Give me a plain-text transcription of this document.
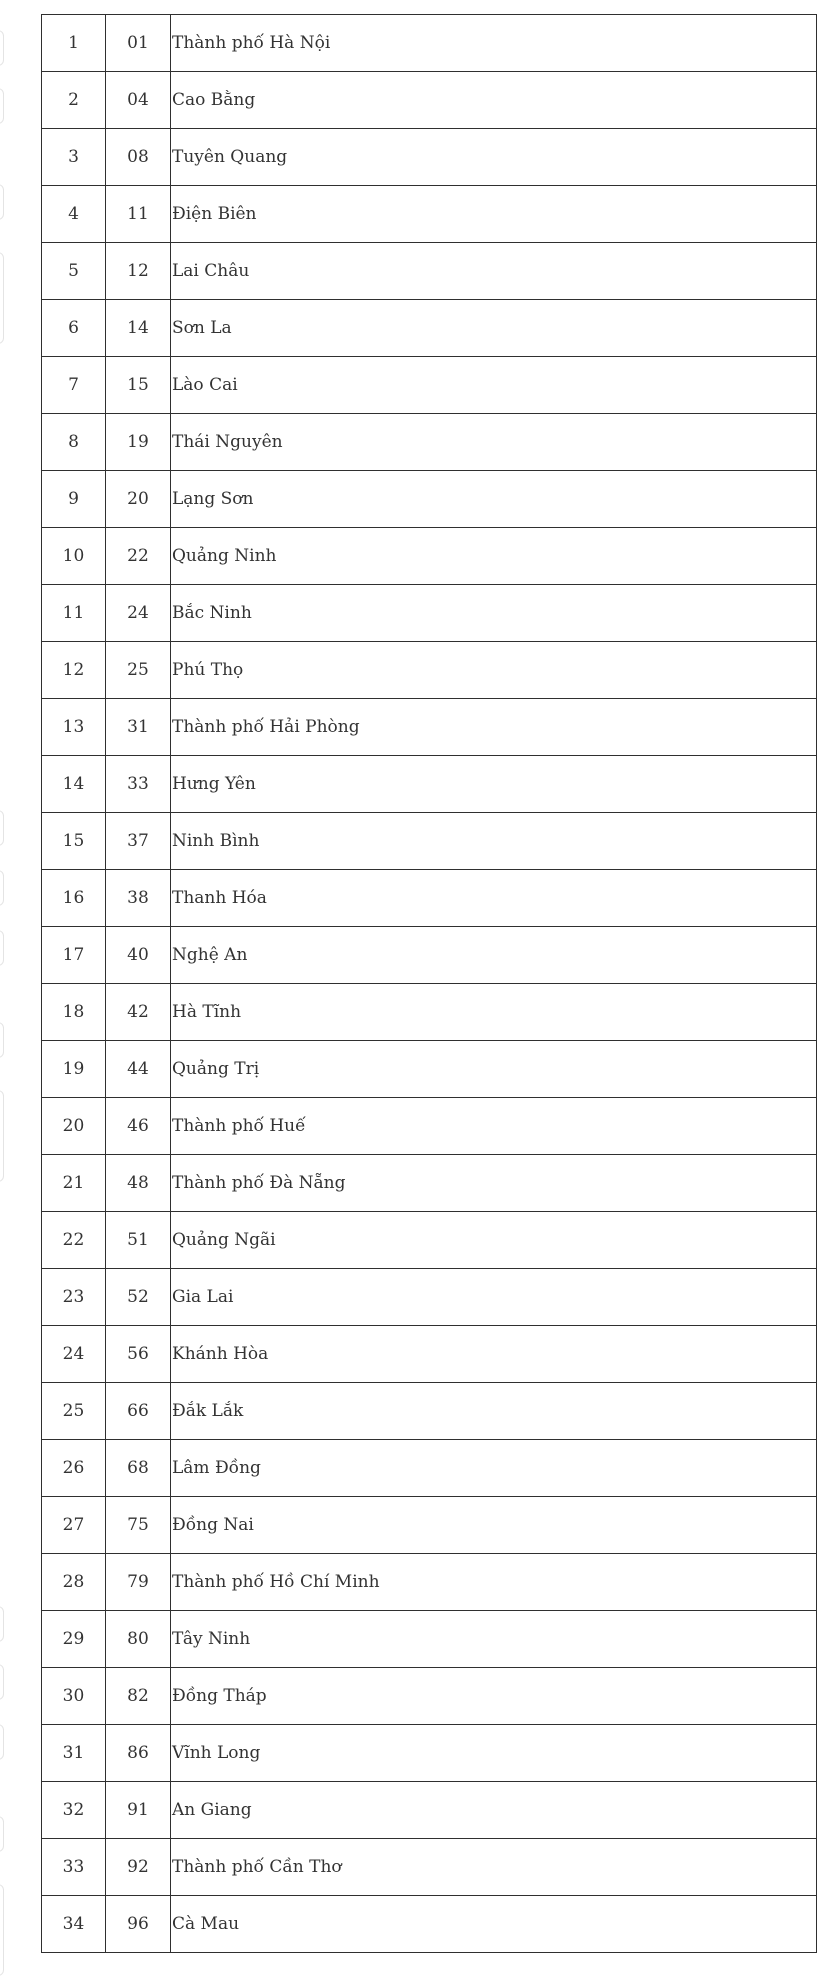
1	01	Thành phố Hà Nội
2	04	Cao Bằng
3	08	Tuyên Quang
4	11	Điện Biên
5	12	Lai Châu
6	14	Sơn La
7	15	Lào Cai
8	19	Thái Nguyên
9	20	Lạng Sơn
10	22	Quảng Ninh
11	24	Bắc Ninh
12	25	Phú Thọ
13	31	Thành phố Hải Phòng
14	33	Hưng Yên
15	37	Ninh Bình
16	38	Thanh Hóa
17	40	Nghệ An
18	42	Hà Tĩnh
19	44	Quảng Trị
20	46	Thành phố Huế
21	48	Thành phố Đà Nẵng
22	51	Quảng Ngãi
23	52	Gia Lai
24	56	Khánh Hòa
25	66	Đắk Lắk
26	68	Lâm Đồng
27	75	Đồng Nai
28	79	Thành phố Hồ Chí Minh
29	80	Tây Ninh
30	82	Đồng Tháp
31	86	Vĩnh Long
32	91	An Giang
33	92	Thành phố Cần Thơ
34	96	Cà Mau
